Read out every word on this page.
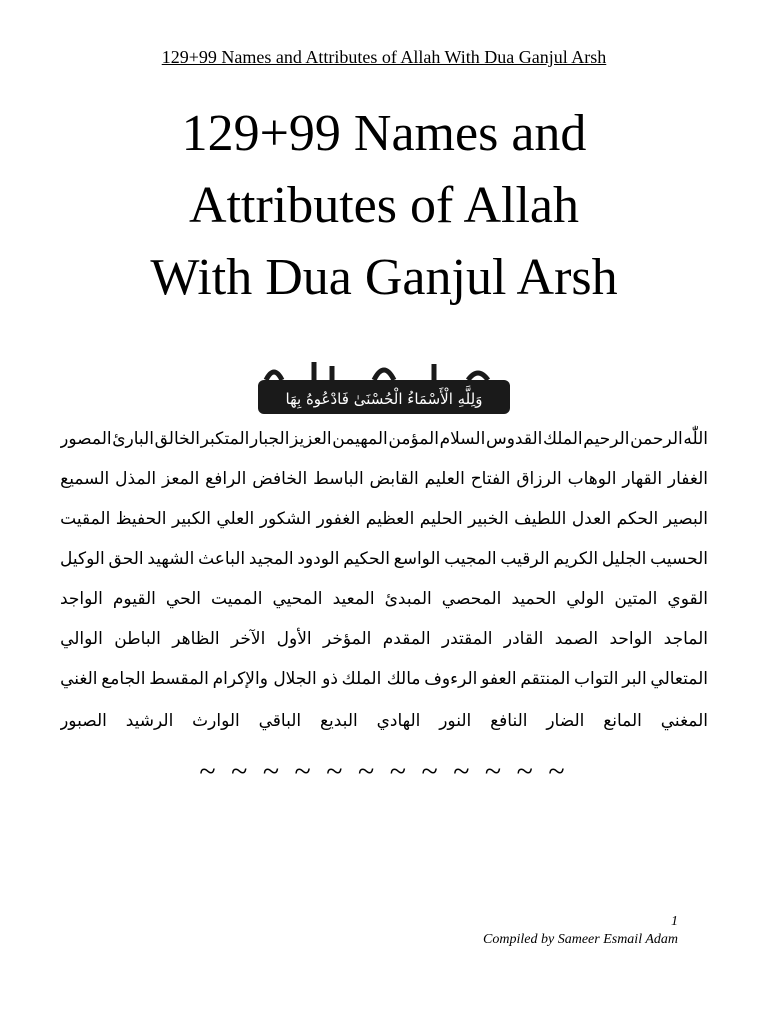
129+99 Names and Attributes of Allah With Dua Ganjul Arsh
129+99 Names and
Attributes of Allah
With Dua Ganjul Arsh
وَلِلَّهِ الْأَسْمَاءُ الْحُسْنَىٰ فَادْعُوهُ بِهَا
اللّٰه
الرحمن
الرحيم
الملك
القدوس
السلام
المؤمن
المهيمن
العزيز
الجبار
المتكبر
الخالق
البارئ
المصور
الغفار
القهار
الوهاب
الرزاق
الفتاح
العليم
القابض
الباسط
الخافض
الرافع
المعز
المذل
السميع
البصير
الحكم
العدل
اللطيف
الخبير
الحليم
العظيم
الغفور
الشكور
العلي
الكبير
الحفيظ
المقيت
الحسيب
الجليل
الكريم
الرقيب
المجيب
الواسع
الحكيم
الودود
المجيد
الباعث
الشهيد
الحق
الوكيل
القوي
المتين
الولي
الحميد
المحصي
المبدئ
المعيد
المحيي
المميت
الحي
القيوم
الواجد
الماجد
الواحد
الصمد
القادر
المقتدر
المقدم
المؤخر
الأول
الآخر
الظاهر
الباطن
الوالي
المتعالي
البر
التواب
المنتقم
العفو
الرءوف
مالك الملك
ذو الجلال والإكرام
المقسط
الجامع
الغني
المغني
المانع
الضار
النافع
النور
الهادي
البديع
الباقي
الوارث
الرشيد
الصبور
~ ~ ~ ~ ~ ~ ~ ~ ~ ~ ~ ~
1
Compiled by Sameer Esmail Adam
